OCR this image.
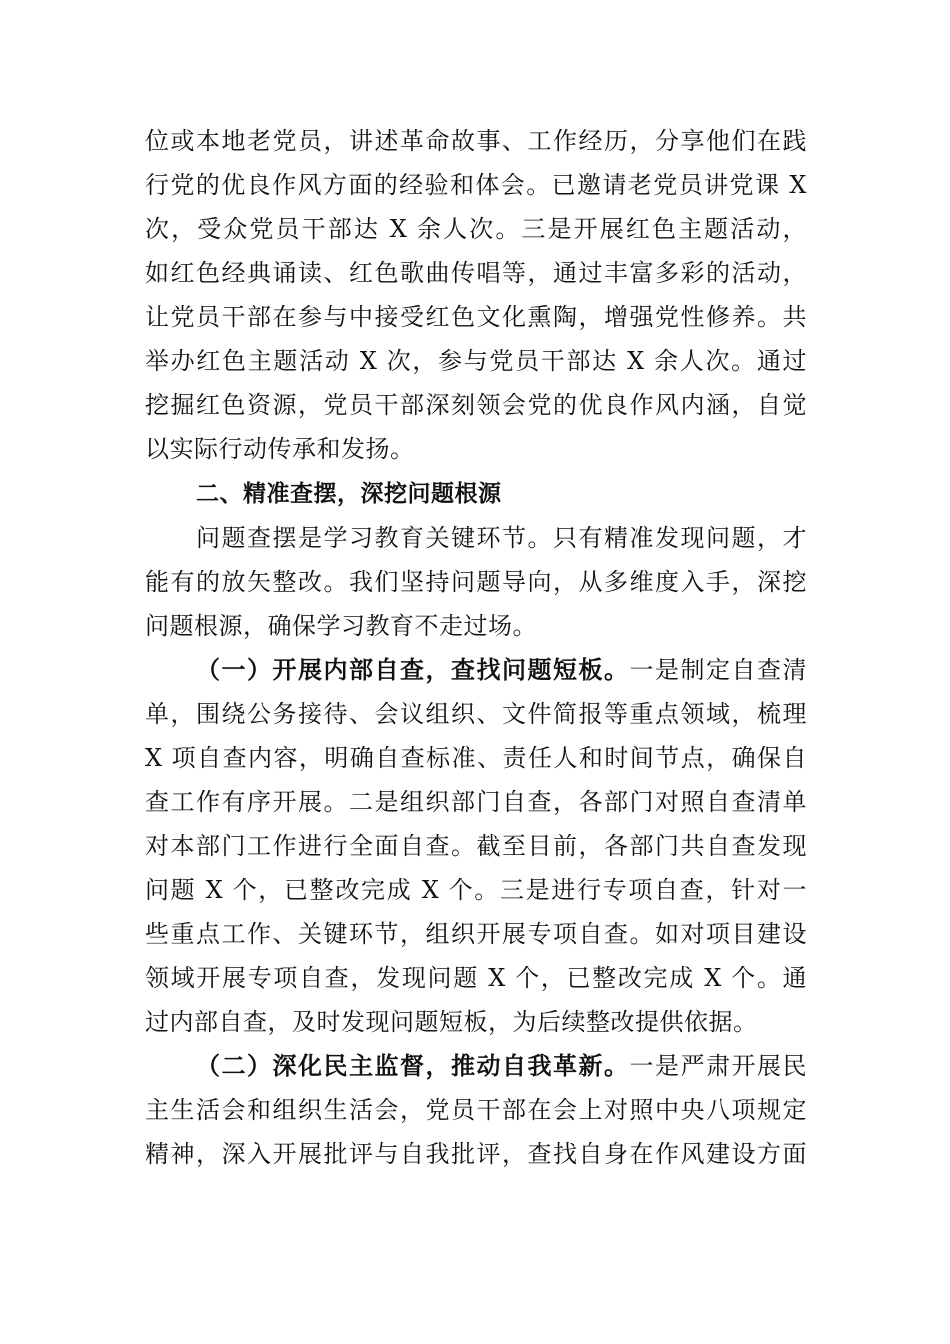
位或本地老党员，讲述革命故事、工作经历，分享他们在践
行党的优良作风方面的经验和体会。已邀请老党员讲党课 X
次，受众党员干部达 X 余人次。三是开展红色主题活动，
如红色经典诵读、红色歌曲传唱等，通过丰富多彩的活动，
让党员干部在参与中接受红色文化熏陶，增强党性修养。共
举办红色主题活动 X 次，参与党员干部达 X 余人次。通过
挖掘红色资源，党员干部深刻领会党的优良作风内涵，自觉
以实际行动传承和发扬。
二、精准查摆，深挖问题根源
问题查摆是学习教育关键环节。只有精准发现问题，才
能有的放矢整改。我们坚持问题导向，从多维度入手，深挖
问题根源，确保学习教育不走过场。
（一）开展内部自查，查找问题短板。一是制定自查清
单，围绕公务接待、会议组织、文件简报等重点领域，梳理
X 项自查内容，明确自查标准、责任人和时间节点，确保自
查工作有序开展。二是组织部门自查，各部门对照自查清单
对本部门工作进行全面自查。截至目前，各部门共自查发现
问题 X 个，已整改完成 X 个。三是进行专项自查，针对一
些重点工作、关键环节，组织开展专项自查。如对项目建设
领域开展专项自查，发现问题 X 个，已整改完成 X 个。通
过内部自查，及时发现问题短板，为后续整改提供依据。
（二）深化民主监督，推动自我革新。一是严肃开展民
主生活会和组织生活会，党员干部在会上对照中央八项规定
精神，深入开展批评与自我批评，查找自身在作风建设方面
